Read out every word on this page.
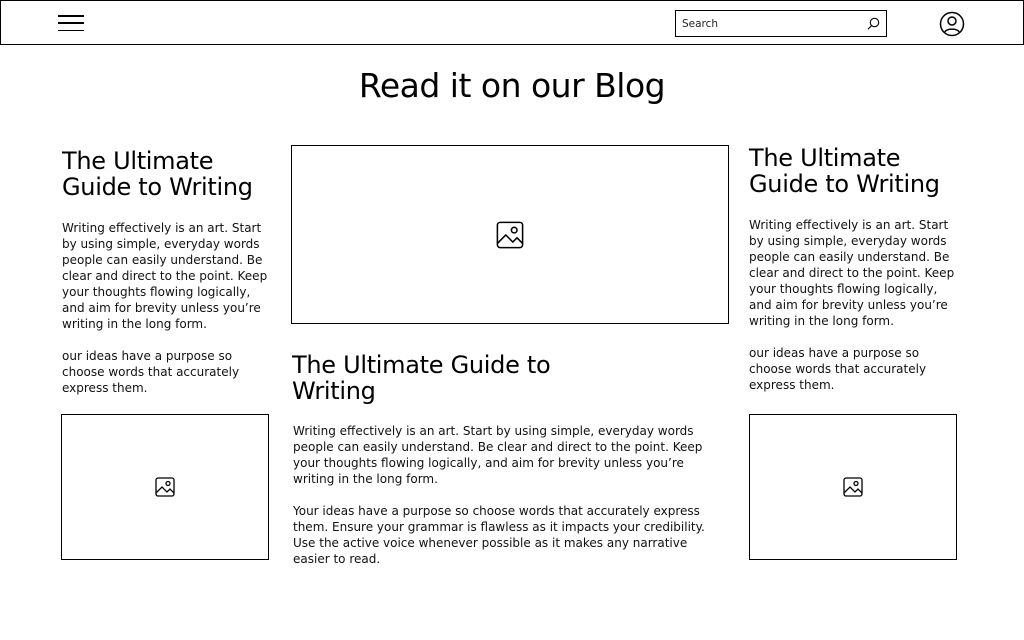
Search
Read it on our Blog
The Ultimate Guide to Writing

Writing effectively is an art. Start by using simple, everyday words people can easily understand. Be clear and direct to the point. Keep your thoughts flowing logically, and aim for brevity unless you’re writing in the long form.

our ideas have a purpose so choose words that accurately express them.

The Ultimate Guide to Writing

Writing effectively is an art. Start by using simple, everyday words people can easily understand. Be clear and direct to the point. Keep your thoughts flowing logically, and aim for brevity unless you’re writing in the long form.

Your ideas have a purpose so choose words that accurately express them. Ensure your grammar is flawless as it impacts your credibility. Use the active voice whenever possible as it makes any narrative easier to read.

The Ultimate Guide to Writing

Writing effectively is an art. Start by using simple, everyday words people can easily understand. Be clear and direct to the point. Keep your thoughts flowing logically, and aim for brevity unless you’re writing in the long form.

our ideas have a purpose so choose words that accurately express them.
